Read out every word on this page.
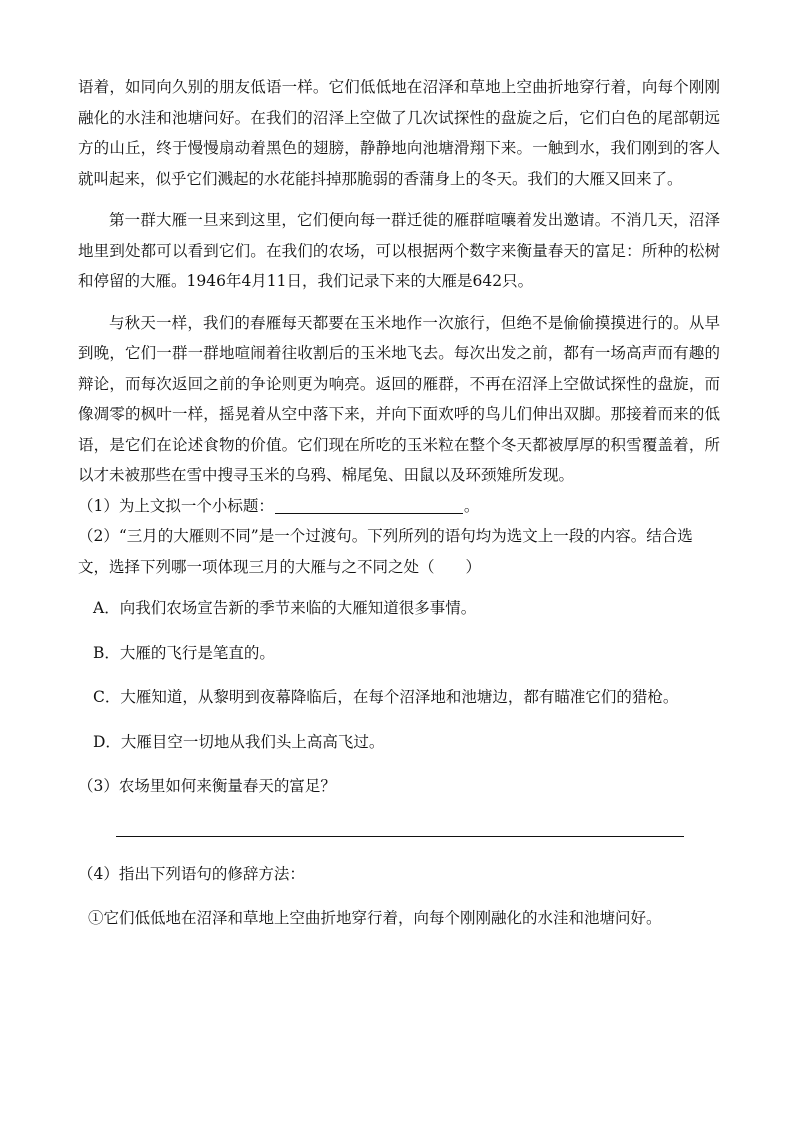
语着，如同向久别的朋友低语一样。它们低低地在沼泽和草地上空曲折地穿行着，向每个刚刚融化的水洼和池塘问好。在我们的沼泽上空做了几次试探性的盘旋之后，它们白色的尾部朝远方的山丘，终于慢慢扇动着黑色的翅膀，静静地向池塘滑翔下来。一触到水，我们刚到的客人就叫起来，似乎它们溅起的水花能抖掉那脆弱的香蒲身上的冬天。我们的大雁又回来了。

第一群大雁一旦来到这里，它们便向每一群迁徙的雁群喧嚷着发出邀请。不消几天，沼泽地里到处都可以看到它们。在我们的农场，可以根据两个数字来衡量春天的富足：所种的松树和停留的大雁。1946年4月11日，我们记录下来的大雁是642只。

与秋天一样，我们的春雁每天都要在玉米地作一次旅行，但绝不是偷偷摸摸进行的。从早到晚，它们一群一群地喧闹着往收割后的玉米地飞去。每次出发之前，都有一场高声而有趣的辩论，而每次返回之前的争论则更为响亮。返回的雁群，不再在沼泽上空做试探性的盘旋，而像凋零的枫叶一样，摇晃着从空中落下来，并向下面欢呼的鸟儿们伸出双脚。那接着而来的低语，是它们在论述食物的价值。它们现在所吃的玉米粒在整个冬天都被厚厚的积雪覆盖着，所以才未被那些在雪中搜寻玉米的乌鸦、棉尾兔、田鼠以及环颈雉所发现。

（1）为上文拟一个小标题：	。

（2）“三月的大雁则不同”是一个过渡句。下列所列的语句均为选文上一段的内容。结合选文，选择下列哪一项体现三月的大雁与之不同之处（　　）

A．向我们农场宣告新的季节来临的大雁知道很多事情。

B．大雁的飞行是笔直的。

C．大雁知道，从黎明到夜幕降临后，在每个沼泽地和池塘边，都有瞄准它们的猎枪。

D．大雁目空一切地从我们头上高高飞过。

（3）农场里如何来衡量春天的富足？

（4）指出下列语句的修辞方法：

①它们低低地在沼泽和草地上空曲折地穿行着，向每个刚刚融化的水洼和池塘问好。
